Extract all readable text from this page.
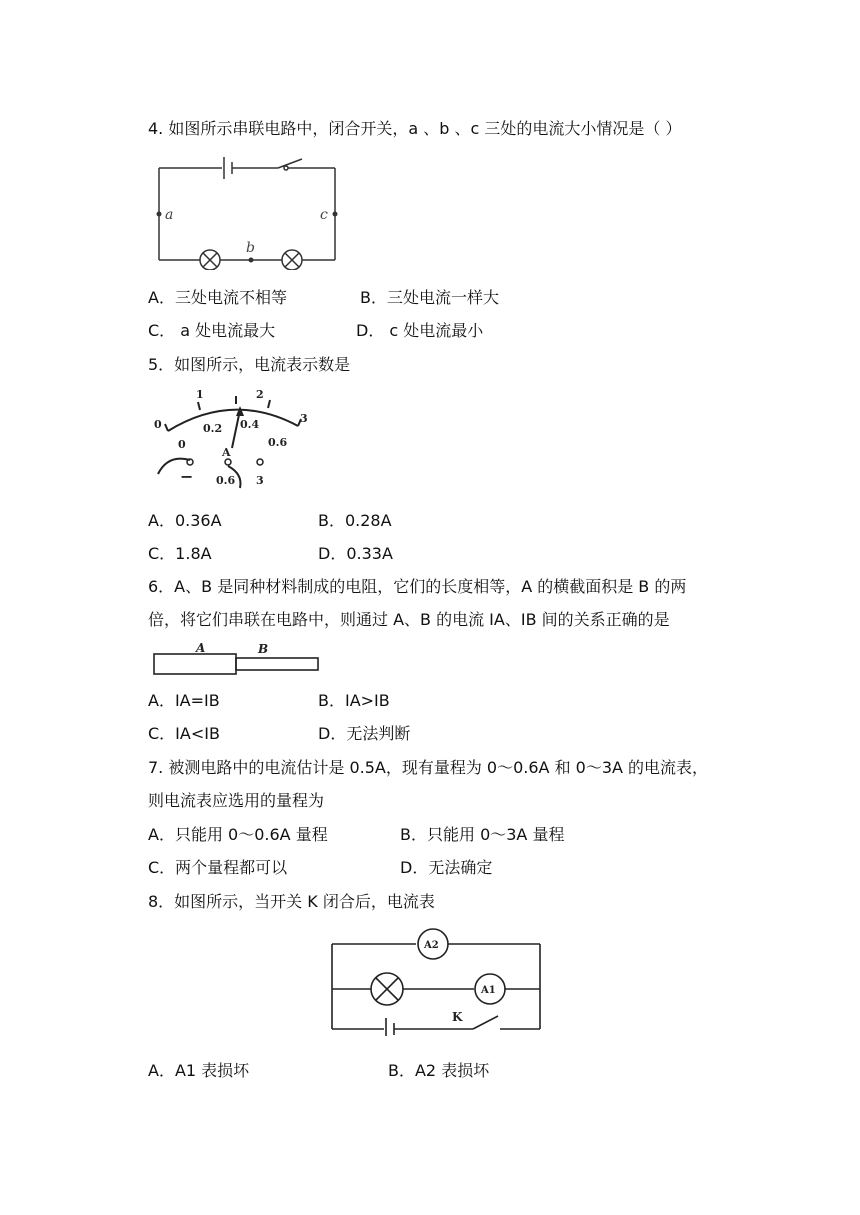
4. 如图所示串联电路中，闭合开关，a 、b 、c 三处的电流大小情况是（ ）
a	c
b
A．三处电流不相等	B．三处电流一样大
C． a 处电流最大	D． c 处电流最小
5．如图所示，电流表示数是
0
1	2
3
0.2 0.4
0.6
0
A
0.6 3
−
A．0.36A	B．0.28A
C．1.8A	D．0.33A
6．A、B 是同种材料制成的电阻，它们的长度相等，A 的横截面积是 B 的两
倍，将它们串联在电路中，则通过 A、B 的电流 IA、IB 间的关系正确的是
A	B
A．IA=IB	B．IA>IB
C．IA<IB	D．无法判断
7. 被测电路中的电流估计是 0.5A，现有量程为 0～0.6A 和 0～3A 的电流表，
则电流表应选用的量程为
A．只能用 0～0.6A 量程	B．只能用 0～3A 量程
C．两个量程都可以	D．无法确定
8．如图所示，当开关 K 闭合后，电流表
A2
A1
K
A．A1 表损坏	B．A2 表损坏
